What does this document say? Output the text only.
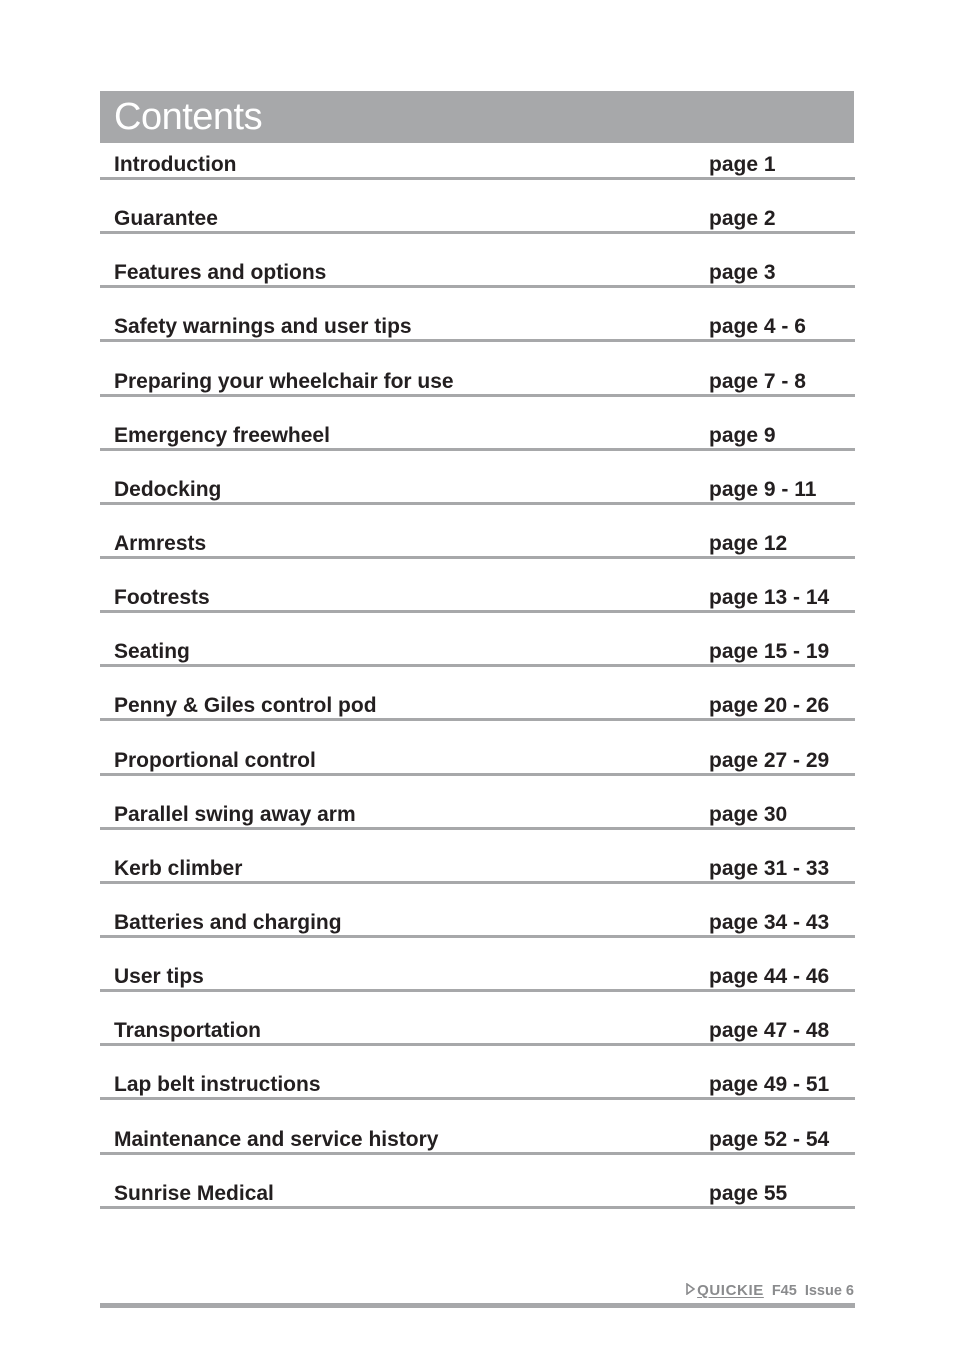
Contents
Introduction	page 1
Guarantee	page 2
Features and options	page 3
Safety warnings and user tips	page 4 - 6
Preparing your wheelchair for use	page 7 - 8
Emergency freewheel	page 9
Dedocking	page 9 - 11
Armrests	page 12
Footrests	page 13 - 14
Seating	page 15 - 19
Penny & Giles control pod	page 20 - 26
Proportional control	page 27 - 29
Parallel swing away arm	page 30
Kerb climber	page 31 - 33
Batteries and charging	page 34 - 43
User tips	page 44 - 46
Transportation	page 47 - 48
Lap belt instructions	page 49 - 51
Maintenance and service history	page 52 - 54
Sunrise Medical	page 55
QUICKIE F45 Issue 6
